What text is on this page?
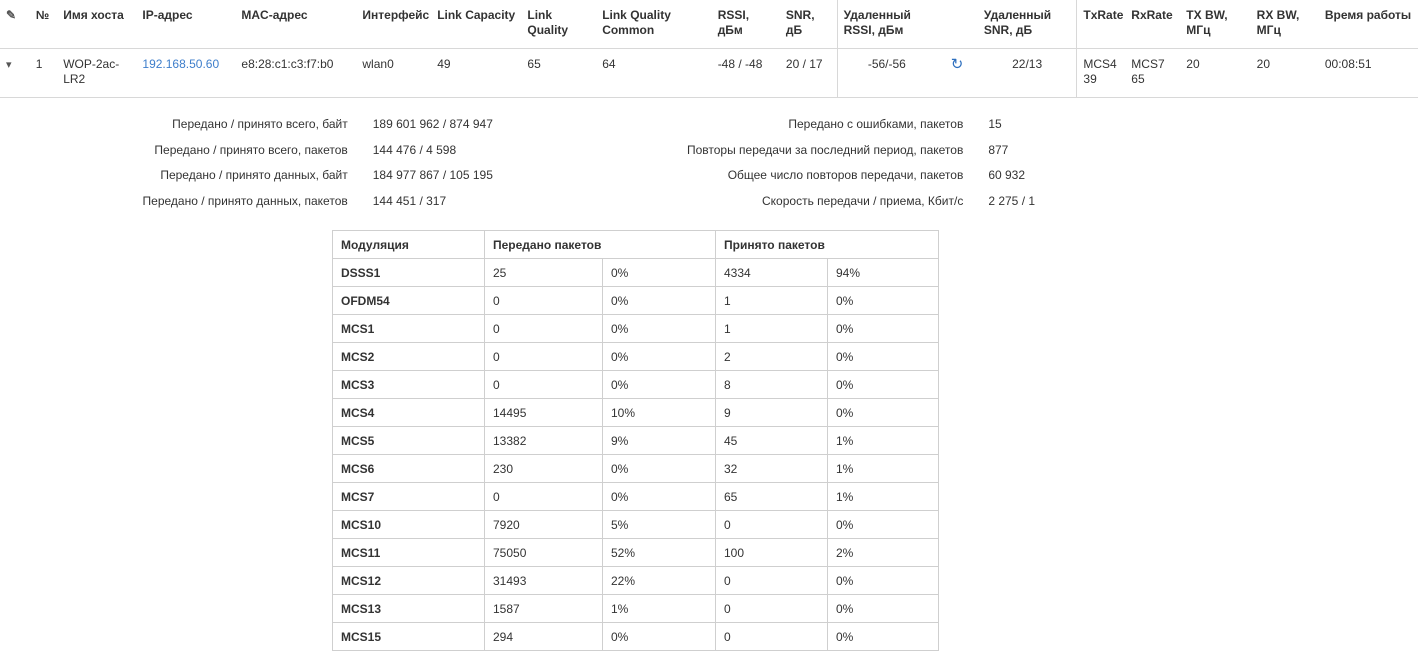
✎	№	Имя хоста	IP-адрес	MAC-адрес	Интерфейс	Link Capacity	Link Quality	Link Quality Common	RSSI, дБм	SNR, дБ	Удаленный RSSI, дБм		Удаленный SNR, дБ	TxRate	RxRate	TX BW, МГц	RX BW, МГц	Время работы
▾	1	WOP-2ac-LR2	192.168.50.60	e8:28:c1:c3:f7:b0	wlan0	49	65	64	-48 / -48	20 / 17	-56/-56	↻	22/13	MCS4 39	MCS7 65	20	20	00:08:51
Передано / принято всего, байт	189 601 962 / 874 947
Передано / принято всего, пакетов	144 476 / 4 598
Передано / принято данных, байт	184 977 867 / 105 195
Передано / принято данных, пакетов	144 451 / 317
Передано с ошибками, пакетов	15
Повторы передачи за последний период, пакетов	877
Общее число повторов передачи, пакетов	60 932
Скорость передачи / приема, Кбит/с	2 275 / 1
Модуляция	Передано пакетов		Принято пакетов	
DSSS1	25	0%	4334	94%
OFDM54	0	0%	1	0%
MCS1	0	0%	1	0%
MCS2	0	0%	2	0%
MCS3	0	0%	8	0%
MCS4	14495	10%	9	0%
MCS5	13382	9%	45	1%
MCS6	230	0%	32	1%
MCS7	0	0%	65	1%
MCS10	7920	5%	0	0%
MCS11	75050	52%	100	2%
MCS12	31493	22%	0	0%
MCS13	1587	1%	0	0%
MCS15	294	0%	0	0%
